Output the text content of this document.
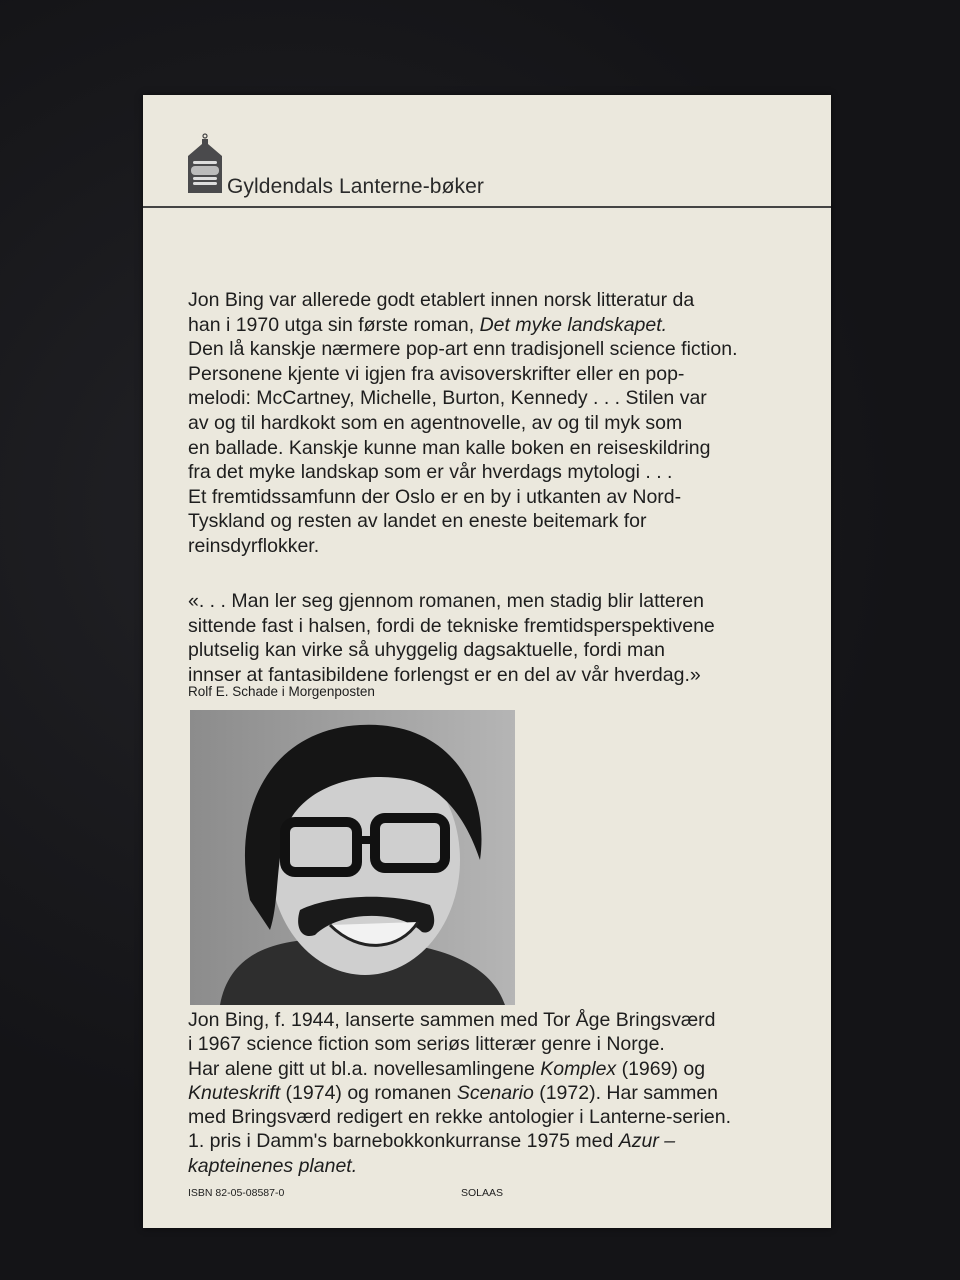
Gyldendals Lanterne-bøker
Jon Bing var allerede godt etablert innen norsk litteratur da
han i 1970 utga sin første roman, Det myke landskapet.
Den lå kanskje nærmere pop-art enn tradisjonell science fiction.
Personene kjente vi igjen fra avisoverskrifter eller en pop-
melodi: McCartney, Michelle, Burton, Kennedy . . . Stilen var
av og til hardkokt som en agentnovelle, av og til myk som
en ballade. Kanskje kunne man kalle boken en reiseskildring
fra det myke landskap som er vår hverdags mytologi . . .
Et fremtidssamfunn der Oslo er en by i utkanten av Nord-
Tyskland og resten av landet en eneste beitemark for
reinsdyrflokker.
«. . . Man ler seg gjennom romanen, men stadig blir latteren
sittende fast i halsen, fordi de tekniske fremtidsperspektivene
plutselig kan virke så uhyggelig dagsaktuelle, fordi man
innser at fantasibildene forlengst er en del av vår hverdag.»
Rolf E. Schade i Morgenposten
Jon Bing, f. 1944, lanserte sammen med Tor Åge Bringsværd
i 1967 science fiction som seriøs litterær genre i Norge.
Har alene gitt ut bl.a. novellesamlingene Komplex (1969) og
Knuteskrift (1974) og romanen Scenario (1972). Har sammen
med Bringsværd redigert en rekke antologier i Lanterne-serien.
1. pris i Damm's barnebokkonkurranse 1975 med Azur –
kapteinenes planet.
ISBN 82-05-08587-0	SOLAAS
